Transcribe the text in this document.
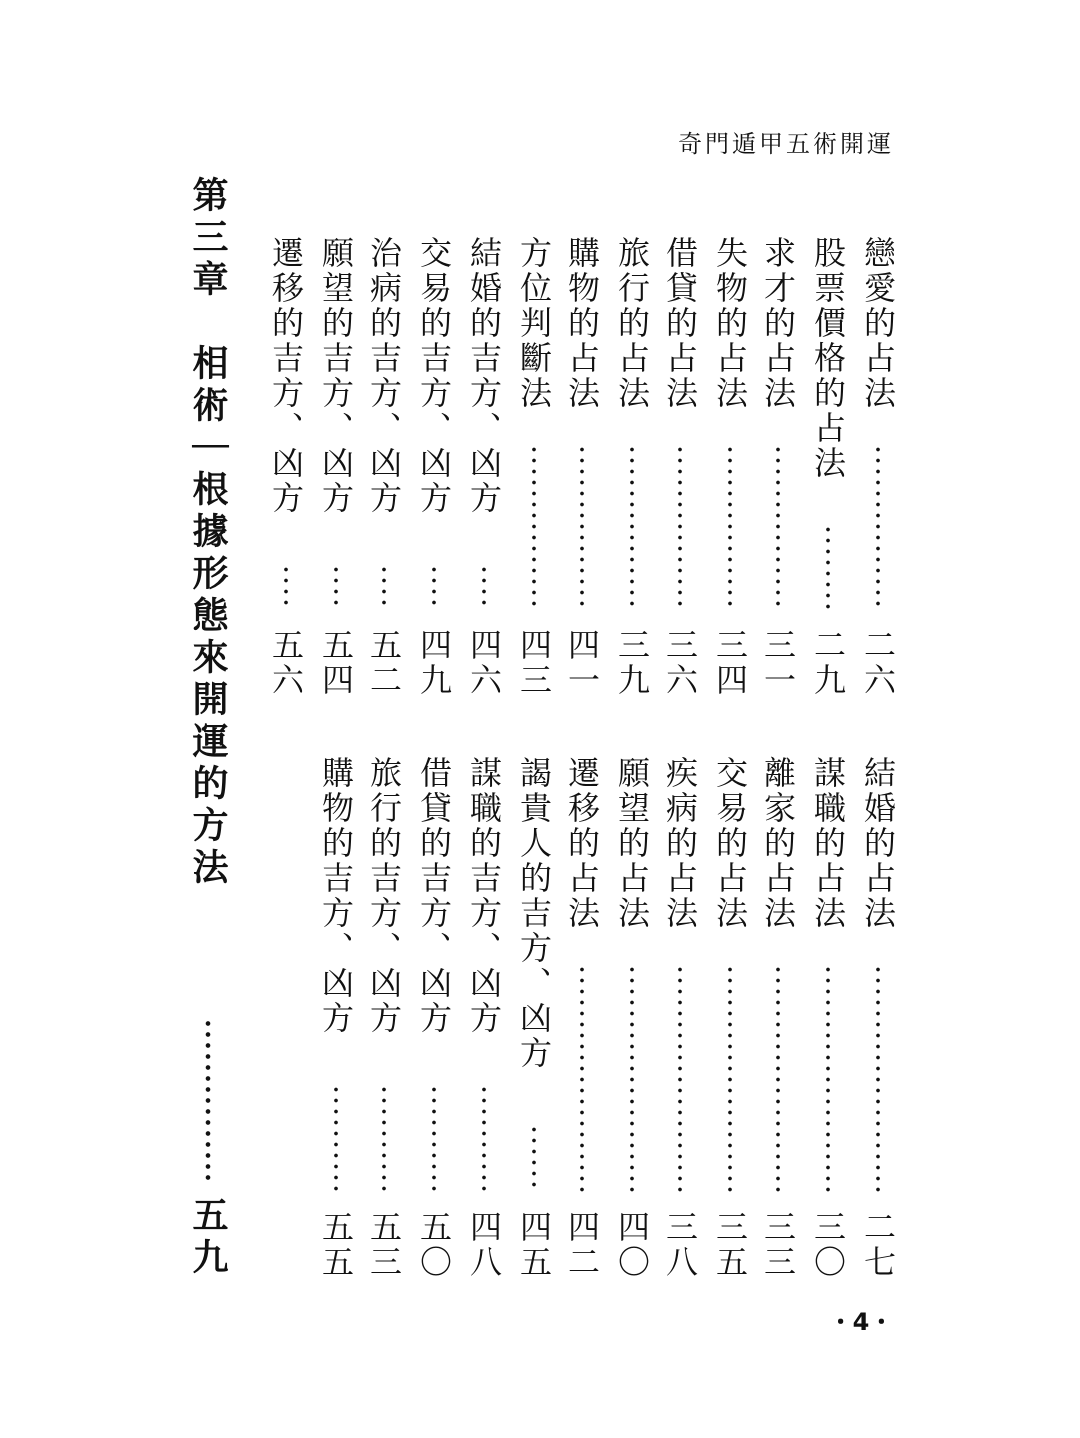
奇門遁甲五術開運
第三章　相術｜根據形態來開運的方法
五九
戀愛的占法
二六
股票價格的占法
二九
求才的占法
三一
失物的占法
三四
借貸的占法
三六
旅行的占法
三九
購物的占法
四一
方位判斷法
四三
結婚的吉方、凶方
四六
交易的吉方、凶方
四九
治病的吉方、凶方
五二
願望的吉方、凶方
五四
遷移的吉方、凶方
五六
結婚的占法
二七
謀職的占法
三〇
離家的占法
三三
交易的占法
三五
疾病的占法
三八
願望的占法
四〇
遷移的占法
四二
謁貴人的吉方、凶方
四五
謀職的吉方、凶方
四八
借貸的吉方、凶方
五〇
旅行的吉方、凶方
五三
購物的吉方、凶方
五五
・4・
